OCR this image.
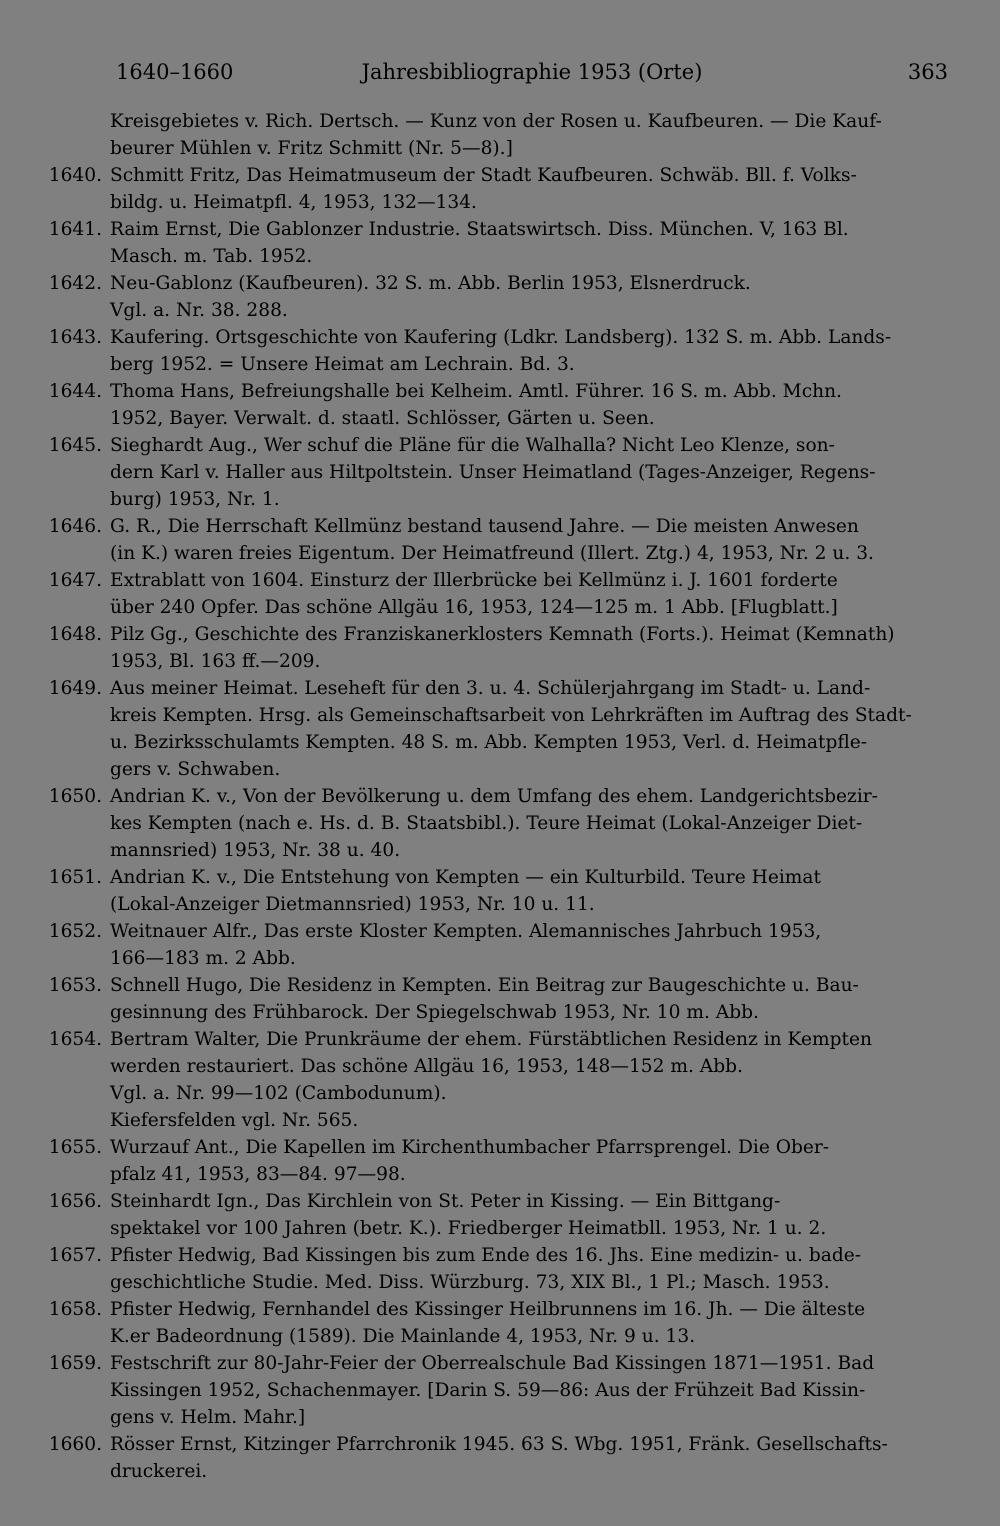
1640–1660	Jahresbibliographie 1953 (Orte)	363
Kreisgebietes v. Rich. Dertsch. — Kunz von der Rosen u. Kaufbeuren. — Die Kauf-
beurer Mühlen v. Fritz Schmitt (Nr. 5—8).]
1640. Schmitt Fritz, Das Heimatmuseum der Stadt Kaufbeuren. Schwäb. Bll. f. Volks-
bildg. u. Heimatpfl. 4, 1953, 132—134.
1641. Raim Ernst, Die Gablonzer Industrie. Staatswirtsch. Diss. München. V, 163 Bl.
Masch. m. Tab. 1952.
1642. Neu-Gablonz (Kaufbeuren). 32 S. m. Abb. Berlin 1953, Elsnerdruck.
Vgl. a. Nr. 38. 288.
1643. Kaufering. Ortsgeschichte von Kaufering (Ldkr. Landsberg). 132 S. m. Abb. Lands-
berg 1952. = Unsere Heimat am Lechrain. Bd. 3.
1644. Thoma Hans, Befreiungshalle bei Kelheim. Amtl. Führer. 16 S. m. Abb. Mchn.
1952, Bayer. Verwalt. d. staatl. Schlösser, Gärten u. Seen.
1645. Sieghardt Aug., Wer schuf die Pläne für die Walhalla? Nicht Leo Klenze, son-
dern Karl v. Haller aus Hiltpoltstein. Unser Heimatland (Tages-Anzeiger, Regens-
burg) 1953, Nr. 1.
1646. G. R., Die Herrschaft Kellmünz bestand tausend Jahre. — Die meisten Anwesen
(in K.) waren freies Eigentum. Der Heimatfreund (Illert. Ztg.) 4, 1953, Nr. 2 u. 3.
1647. Extrablatt von 1604. Einsturz der Illerbrücke bei Kellmünz i. J. 1601 forderte
über 240 Opfer. Das schöne Allgäu 16, 1953, 124—125 m. 1 Abb. [Flugblatt.]
1648. Pilz Gg., Geschichte des Franziskanerklosters Kemnath (Forts.). Heimat (Kemnath)
1953, Bl. 163 ff.—209.
1649. Aus meiner Heimat. Leseheft für den 3. u. 4. Schülerjahrgang im Stadt- u. Land-
kreis Kempten. Hrsg. als Gemeinschaftsarbeit von Lehrkräften im Auftrag des Stadt-
u. Bezirksschulamts Kempten. 48 S. m. Abb. Kempten 1953, Verl. d. Heimatpfle-
gers v. Schwaben.
1650. Andrian K. v., Von der Bevölkerung u. dem Umfang des ehem. Landgerichtsbezir-
kes Kempten (nach e. Hs. d. B. Staatsbibl.). Teure Heimat (Lokal-Anzeiger Diet-
mannsried) 1953, Nr. 38 u. 40.
1651. Andrian K. v., Die Entstehung von Kempten — ein Kulturbild. Teure Heimat
(Lokal-Anzeiger Dietmannsried) 1953, Nr. 10 u. 11.
1652. Weitnauer Alfr., Das erste Kloster Kempten. Alemannisches Jahrbuch 1953,
166—183 m. 2 Abb.
1653. Schnell Hugo, Die Residenz in Kempten. Ein Beitrag zur Baugeschichte u. Bau-
gesinnung des Frühbarock. Der Spiegelschwab 1953, Nr. 10 m. Abb.
1654. Bertram Walter, Die Prunkräume der ehem. Fürstäbtlichen Residenz in Kempten
werden restauriert. Das schöne Allgäu 16, 1953, 148—152 m. Abb.
Vgl. a. Nr. 99—102 (Cambodunum).
Kiefersfelden vgl. Nr. 565.
1655. Wurzauf Ant., Die Kapellen im Kirchenthumbacher Pfarrsprengel. Die Ober-
pfalz 41, 1953, 83—84. 97—98.
1656. Steinhardt Ign., Das Kirchlein von St. Peter in Kissing. — Ein Bittgang-
spektakel vor 100 Jahren (betr. K.). Friedberger Heimatbll. 1953, Nr. 1 u. 2.
1657. Pfister Hedwig, Bad Kissingen bis zum Ende des 16. Jhs. Eine medizin- u. bade-
geschichtliche Studie. Med. Diss. Würzburg. 73, XIX Bl., 1 Pl.; Masch. 1953.
1658. Pfister Hedwig, Fernhandel des Kissinger Heilbrunnens im 16. Jh. — Die älteste
K.er Badeordnung (1589). Die Mainlande 4, 1953, Nr. 9 u. 13.
1659. Festschrift zur 80-Jahr-Feier der Oberrealschule Bad Kissingen 1871—1951. Bad
Kissingen 1952, Schachenmayer. [Darin S. 59—86: Aus der Frühzeit Bad Kissin-
gens v. Helm. Mahr.]
1660. Rösser Ernst, Kitzinger Pfarrchronik 1945. 63 S. Wbg. 1951, Fränk. Gesellschafts-
druckerei.
